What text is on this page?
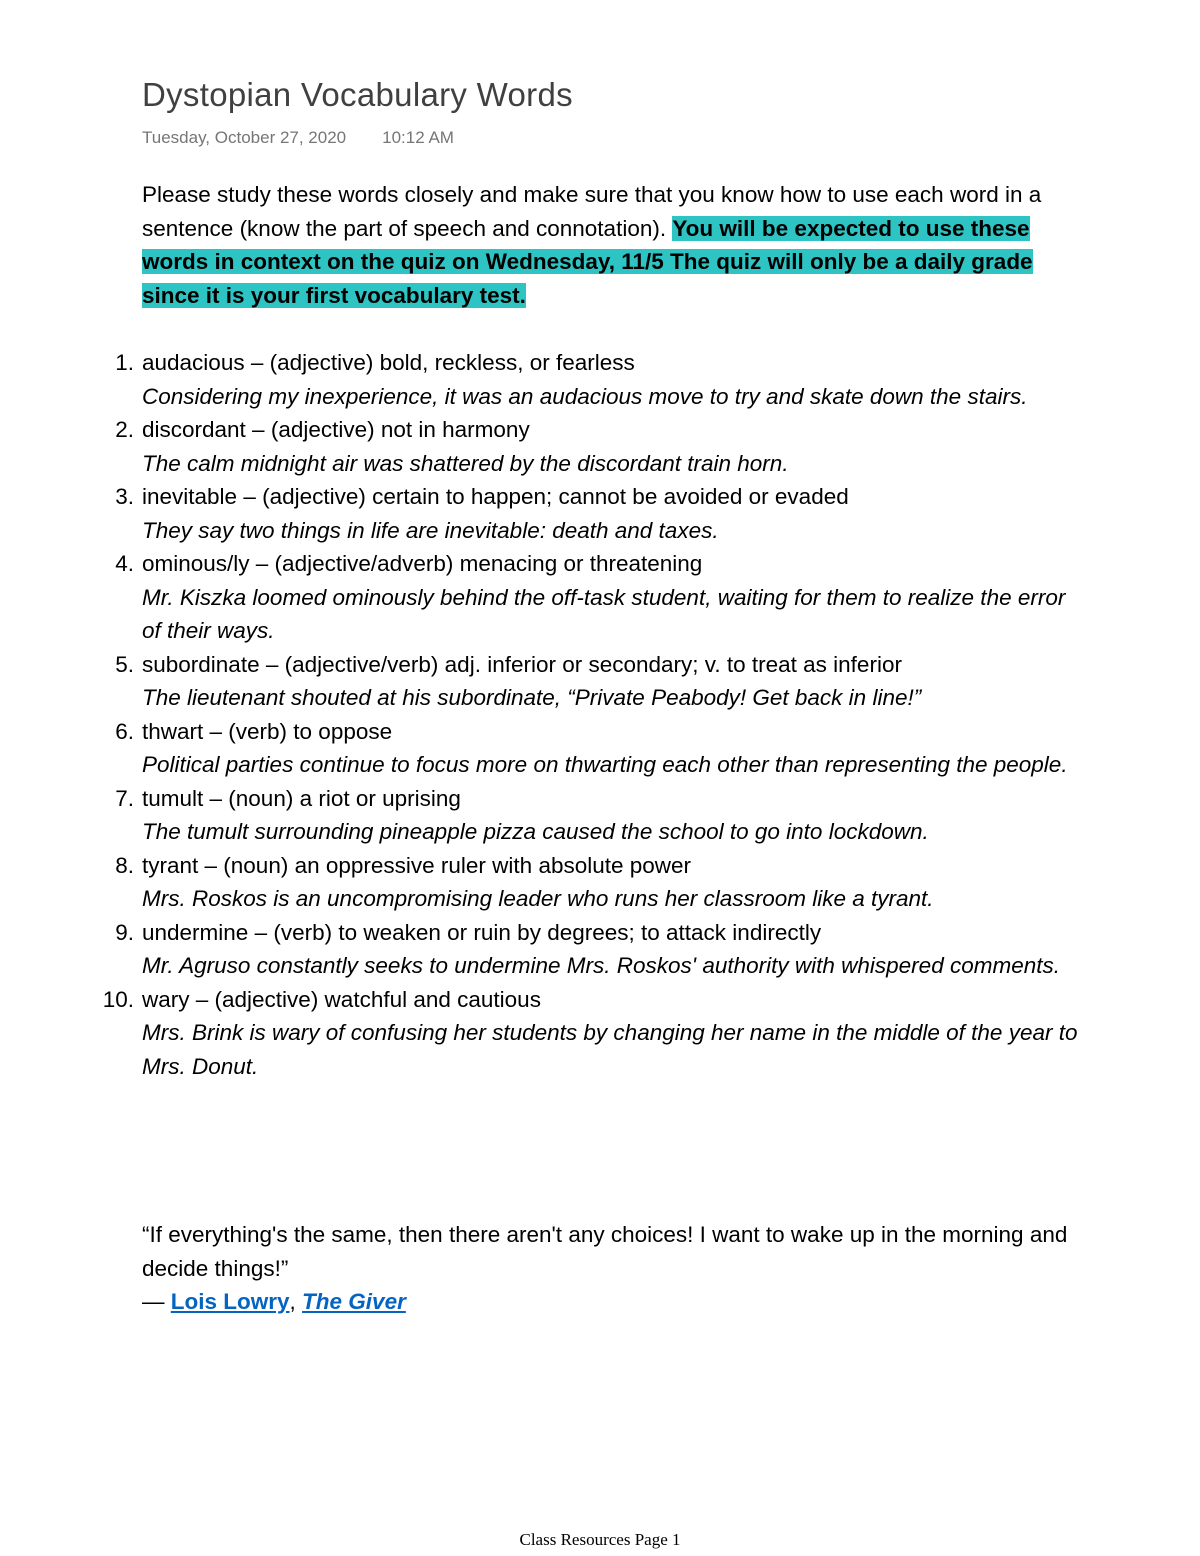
Dystopian Vocabulary Words
Tuesday, October 27, 2020 10:12 AM
Please study these words closely and make sure that you know how to use each word in a sentence (know the part of speech and connotation). You will be expected to use these words in context on the quiz on Wednesday, 11/5 The quiz will only be a daily grade since it is your first vocabulary test.
1. audacious – (adjective) bold, reckless, or fearless
Considering my inexperience, it was an audacious move to try and skate down the stairs.
2. discordant – (adjective) not in harmony
The calm midnight air was shattered by the discordant train horn.
3. inevitable – (adjective) certain to happen; cannot be avoided or evaded
They say two things in life are inevitable: death and taxes.
4. ominous/ly – (adjective/adverb) menacing or threatening
Mr. Kiszka loomed ominously behind the off-task student, waiting for them to realize the error of their ways.
5. subordinate – (adjective/verb) adj. inferior or secondary; v. to treat as inferior
The lieutenant shouted at his subordinate, “Private Peabody! Get back in line!”
6. thwart – (verb) to oppose
Political parties continue to focus more on thwarting each other than representing the people.
7. tumult – (noun) a riot or uprising
The tumult surrounding pineapple pizza caused the school to go into lockdown.
8. tyrant – (noun) an oppressive ruler with absolute power
Mrs. Roskos is an uncompromising leader who runs her classroom like a tyrant.
9. undermine – (verb) to weaken or ruin by degrees; to attack indirectly
Mr. Agruso constantly seeks to undermine Mrs. Roskos' authority with whispered comments.
10. wary – (adjective) watchful and cautious
Mrs. Brink is wary of confusing her students by changing her name in the middle of the year to Mrs. Donut.
“If everything's the same, then there aren't any choices! I want to wake up in the morning and decide things!”
― Lois Lowry, The Giver
Class Resources Page 1
